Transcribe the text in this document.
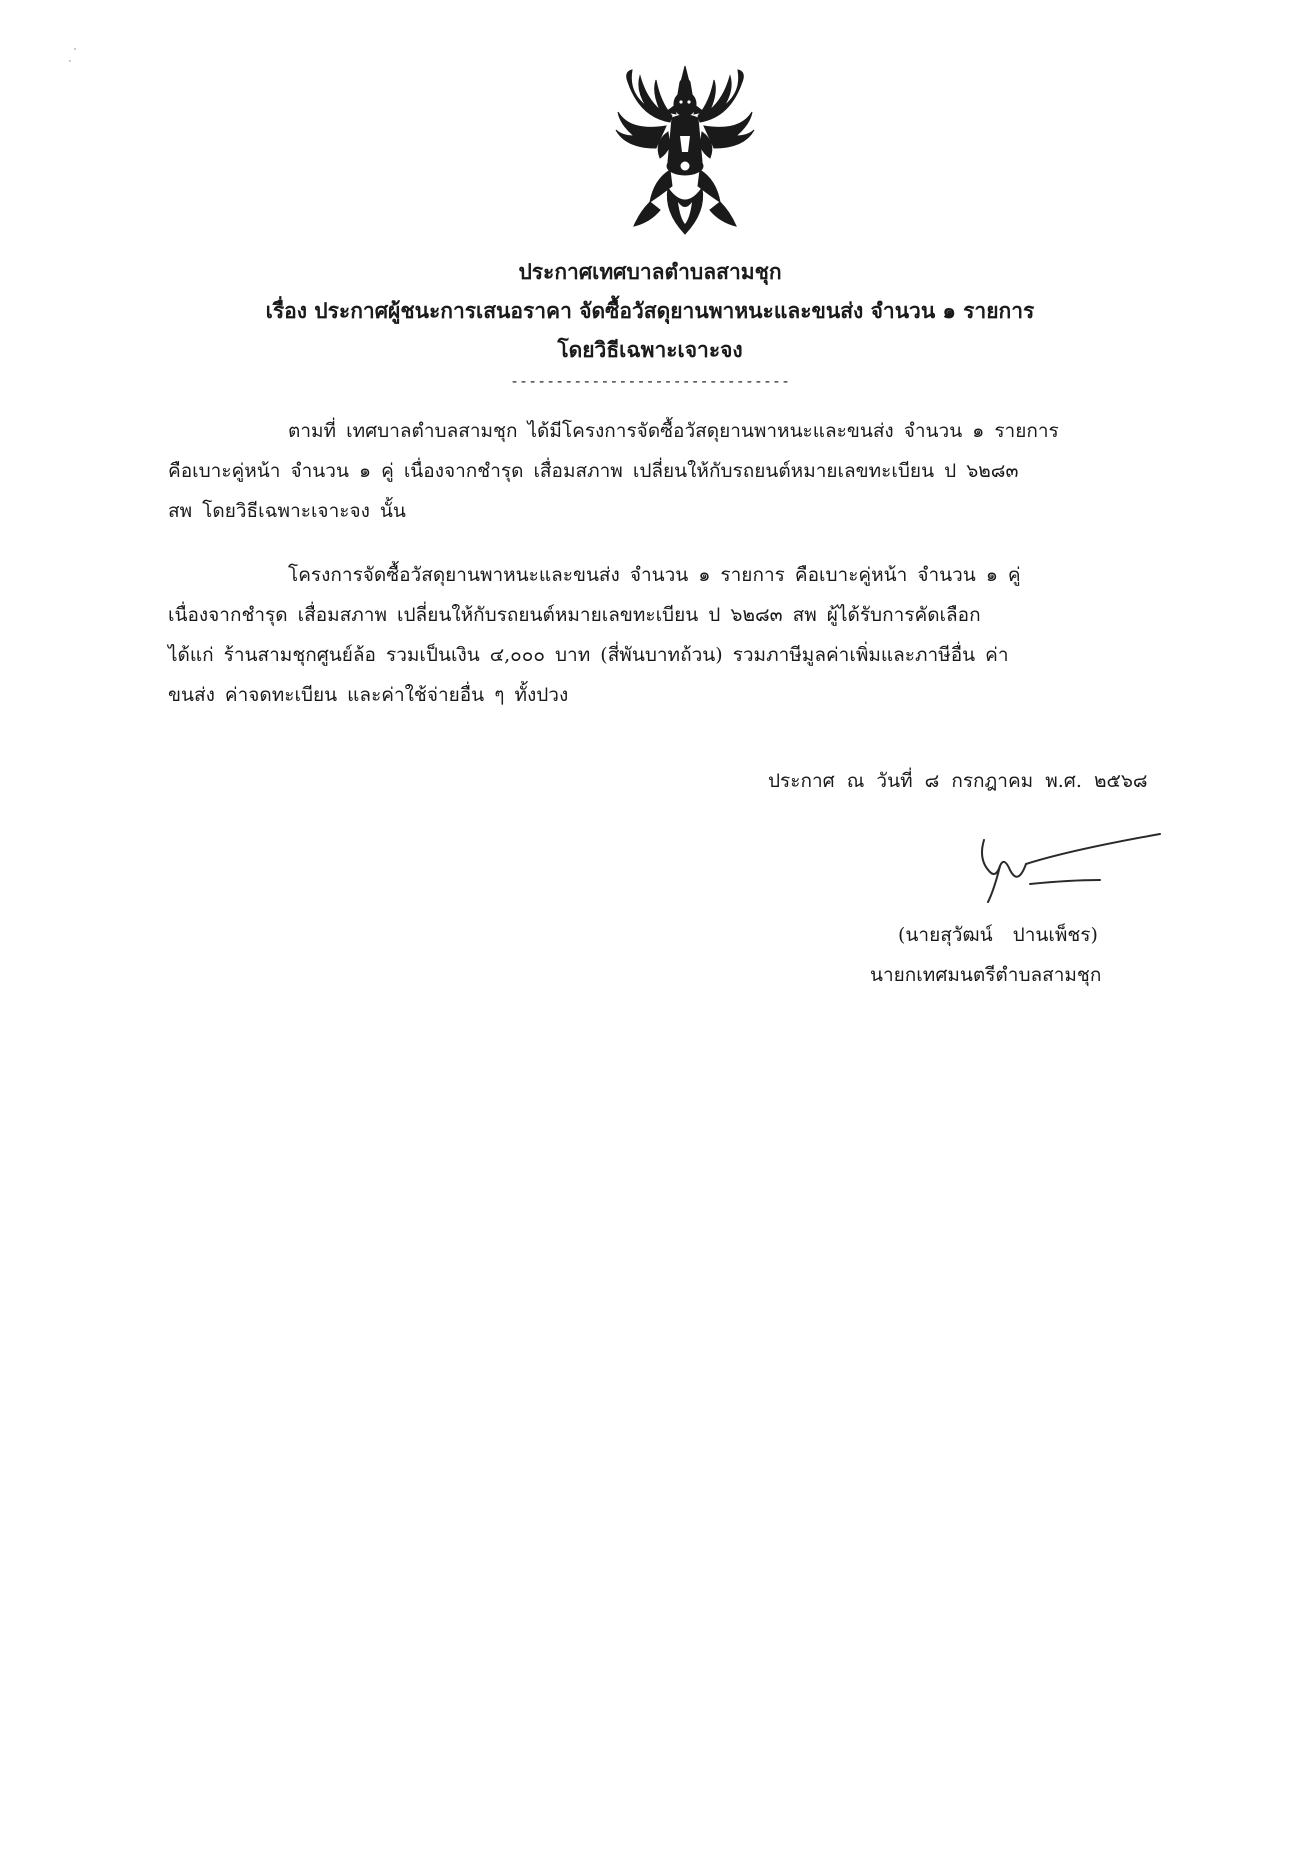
ประกาศเทศบาลตำบลสามชุก
เรื่อง ประกาศผู้ชนะการเสนอราคา จัดซื้อวัสดุยานพาหนะและขนส่ง จำนวน ๑ รายการ
โดยวิธีเฉพาะเจาะจง
-------------------------------
ตามที่ เทศบาลตำบลสามชุก ได้มีโครงการจัดซื้อวัสดุยานพาหนะและขนส่ง จำนวน ๑ รายการ
คือเบาะคู่หน้า จำนวน ๑ คู่ เนื่องจากชำรุด เสื่อมสภาพ เปลี่ยนให้กับรถยนต์หมายเลขทะเบียน ป ๖๒๘๓
สพ โดยวิธีเฉพาะเจาะจง นั้น
โครงการจัดซื้อวัสดุยานพาหนะและขนส่ง จำนวน ๑ รายการ คือเบาะคู่หน้า จำนวน ๑ คู่
เนื่องจากชำรุด เสื่อมสภาพ เปลี่ยนให้กับรถยนต์หมายเลขทะเบียน ป ๖๒๘๓ สพ ผู้ได้รับการคัดเลือก
ได้แก่ ร้านสามชุกศูนย์ล้อ รวมเป็นเงิน ๔,๐๐๐ บาท (สี่พันบาทถ้วน) รวมภาษีมูลค่าเพิ่มและภาษีอื่น ค่า
ขนส่ง ค่าจดทะเบียน และค่าใช้จ่ายอื่น ๆ ทั้งปวง
ประกาศ ณ วันที่ ๘ กรกฎาคม พ.ศ. ๒๕๖๘
(นายสุวัฒน์ ปานเพ็ชร)
นายกเทศมนตรีตำบลสามชุก
